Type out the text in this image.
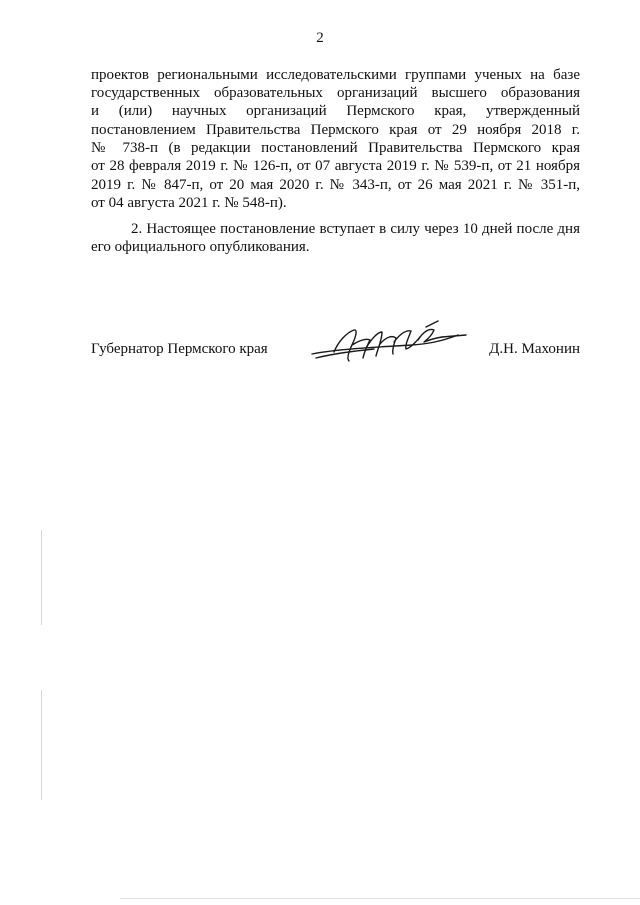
2
проектов региональными исследовательскими группами ученых на базе
государственных образовательных организаций высшего образования
и (или) научных организаций Пермского края, утвержденный
постановлением Правительства Пермского края от 29 ноября 2018 г.
№ 738-п (в редакции постановлений Правительства Пермского края
от 28 февраля 2019 г. № 126-п, от 07 августа 2019 г. № 539-п, от 21 ноября
2019 г. № 847-п, от 20 мая 2020 г. № 343-п, от 26 мая 2021 г. № 351-п,
от 04 августа 2021 г. № 548-п).
2. Настоящее постановление вступает в силу через 10 дней после дня
его официального опубликования.
Губернатор Пермского края	Д.Н. Махонин
